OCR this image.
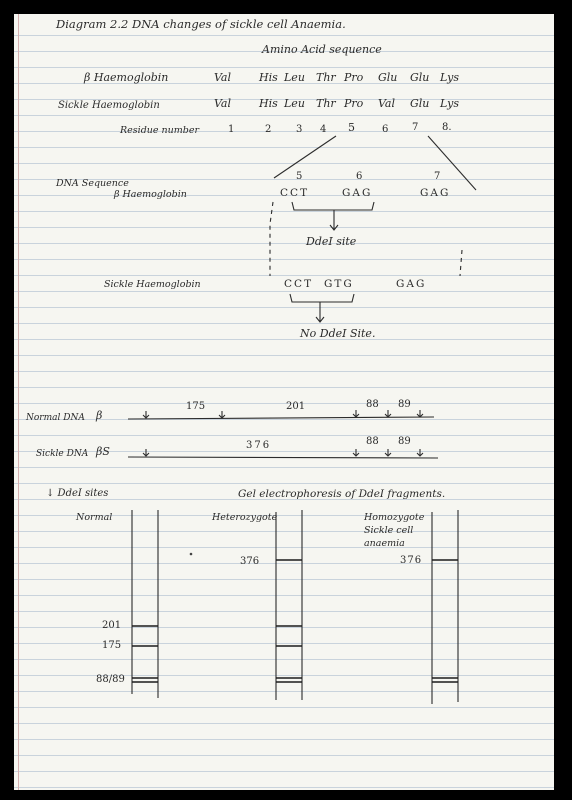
Diagram 2.2 DNA changes of sickle cell Anaemia.
Amino Acid sequence
β Haemoglobin	Val	His Leu Thr Pro Glu Glu Lys
Sickle Haemoglobin	Val	His Leu Thr Pro Val Glu Lys
Residue number	1	2 3 4 5	6 7 8.
DNA Sequence
β Haemoglobin
5	6	7
CCT	GAG	GAG
DdeI site
Sickle Haemoglobin	CCT GTG	GAG
No DdeI Site.
Normal DNA β
175	201	88 89
Sickle DNA βS	376	88 89
↓ DdeI sites	Gel electrophoresis of DdeI fragments.
Normal	Heterozygote	Homozygote
Sickle cell
anaemia
201
175
88/89
376	376
